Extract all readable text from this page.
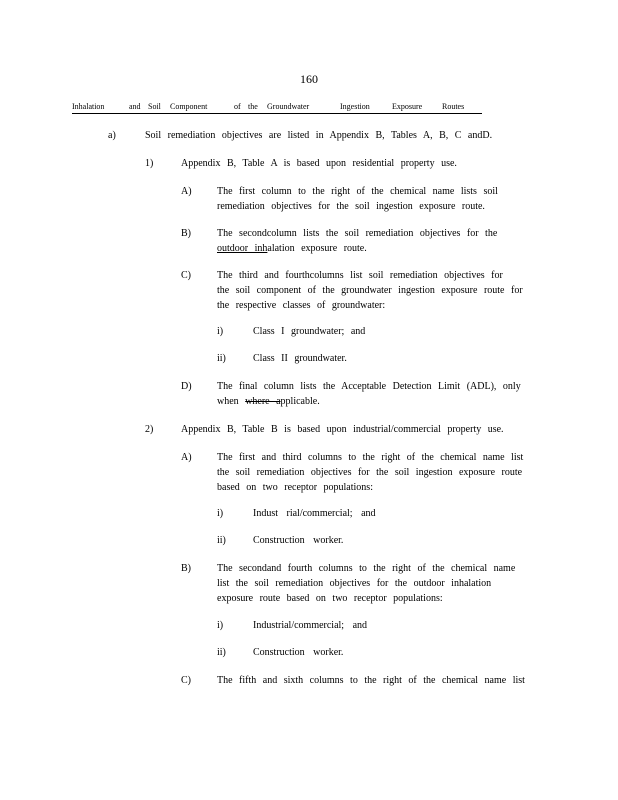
160
Inhalation	and Soil Component	of the Groundwater	Ingestion	Exposure Routes
a)	Soil remediation objectives are listed in Appendix B, Tables A, B, C andD.
1)	Appendix B, Table A is based upon residential property use.
A)	The first column to the right of the chemical name lists soil
remediation objectives for the soil ingestion exposure route.
B)	The secondcolumn lists the soil remediation objectives for the
outdoor inhalation exposure route.
C)	The third and fourthcolumns list soil remediation objectives for
the soil component of the groundwater ingestion exposure route for
the respective classes of groundwater:
i)	Class I groundwater; and
ii)	Class II groundwater.
D)	The final column lists the Acceptable Detection Limit (ADL), only
when where applicable.
2)	Appendix B, Table B is based upon industrial/commercial property use.
A)	The first and third columns to the right of the chemical name list
the soil remediation objectives for the soil ingestion exposure route
based on two receptor populations:
i)	Indust rial/commercial; and
ii)	Construction worker.
B)	The secondand fourth columns to the right of the chemical name
list the soil remediation objectives for the outdoor inhalation
exposure route based on two receptor populations:
i)	Industrial/commercial; and
ii)	Construction worker.
C)	The fifth and sixth columns to the right of the chemical name list
